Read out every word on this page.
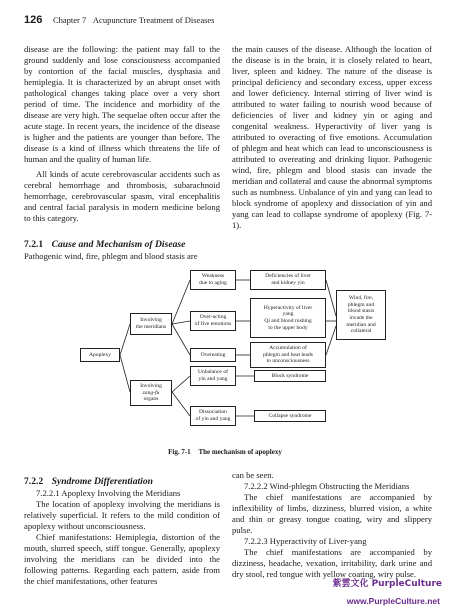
126 Chapter 7 Acupuncture Treatment of Diseases

disease are the following: the patient may fall to the ground suddenly and lose consciousness accompanied by contortion of the facial muscles, dysphasia and hemiplegia. It is characterized by an abrupt onset with pathological changes taking place over a very short period of time. The incidence and morbidity of the disease are very high. The sequelae often occur after the acute stage. In recent years, the incidence of the disease is higher and the patients are younger than before. The disease is a kind of illness which threatens the life of human and the quality of human life.

All kinds of acute cerebrovascular accidents such as cerebral hemorrhage and thrombosis, subarachnoid hemorrhage, cerebrovascular spasm, viral encephalitis and central facial paralysis in modern medicine belong to this category.

the main causes of the disease. Although the location of the disease is in the brain, it is closely related to heart, liver, spleen and kidney. The nature of the disease is principal deficiency and secondary excess, upper excess and lower deficiency. Internal stirring of liver wind is attributed to water failing to nourish wood because of deficiencies of liver and kidney yin or aging and congenital weakness. Hyperactivity of liver yang is attributed to overacting of five emotions. Accumulation of phlegm and heat which can lead to unconsciousness is attributed to overeating and drinking liquor. Pathogenic wind, fire, phlegm and blood stasis can invade the meridian and collateral and cause the abnormal symptoms such as numbness. Unbalance of yin and yang can lead to block syndrome of apoplexy and dissociation of yin and yang can lead to collapse syndrome of apoplexy (Fig. 7-1).

7.2.1 Cause and Mechanism of Disease

Pathogenic wind, fire, phlegm and blood stasis are

Apoplexy
Involving
the meridians
Involving
zang-fu
organs
Weakness
due to aging
Over-acting
of five emotions
Overeating
Unbalance of
yin and yang
Dissociation
of yin and yang
Deficiencies of liver
and kidney yin
Hyperactivity of liver
yang
Qi and blood rushing
to the upper body
Accumulation of
phlegm and heat leads
to unconsciousness
Block syndrome
Collapse syndrome
Wind, fire,
phlegm and
blood stasis
invade the
meridian and
collateral
Fig. 7-1 The mechanism of apoplexy

7.2.2 Syndrome Differentiation

7.2.2.1 Apoplexy Involving the Meridians

The location of apoplexy involving the meridians is relatively superficial. It refers to the mild condition of apoplexy without unconsciousness.

Chief manifestations: Hemiplegia, distortion of the mouth, slurred speech, stiff tongue. Generally, apoplexy involving the meridians can be divided into the following patterns. Regarding each pattern, aside from the chief manifestations, other features

can be seen.

7.2.2.2 Wind-phlegm Obstructing the Meridians

The chief manifestations are accompanied by inflexibility of limbs, dizziness, blurred vision, a white and thin or greasy tongue coating, wiry and slippery pulse.

7.2.2.3 Hyperactivity of Liver-yang

The chief manifestations are accompanied by dizziness, headache, vexation, irritability, dark urine and dry stool, red tongue with yellow coating, wiry pulse.

紫雲文化 PurpleCulture
www.PurpleCulture.net
